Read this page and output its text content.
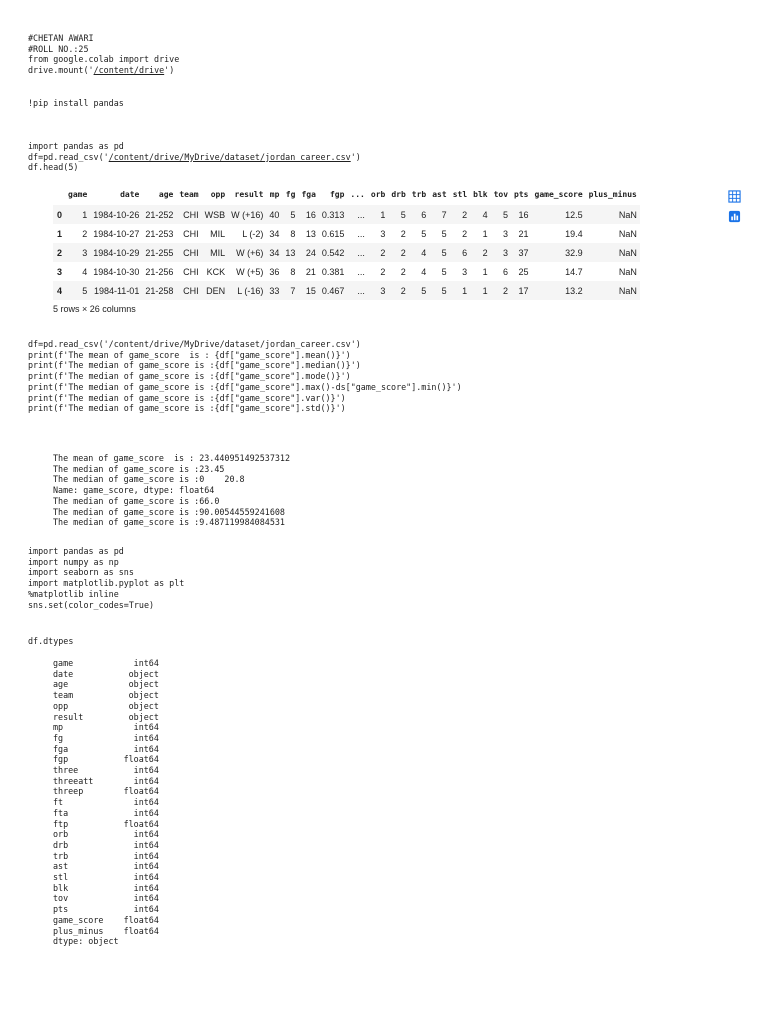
#CHETAN AWARI
#ROLL NO.:25
from google.colab import drive
drive.mount('/content/drive')
!pip install pandas
import pandas as pd
df=pd.read_csv('/content/drive/MyDrive/dataset/jordan_career.csv')
df.head(5)
	game	date	age	team	opp	result	mp	fg	fga	fgp	...	orb	drb	trb	ast	stl	blk	tov	pts	game_score	plus_minus
0	1	1984-10-26	21-252	CHI	WSB	W (+16)	40	5	16	0.313	...	1	5	6	7	2	4	5	16	12.5	NaN
1	2	1984-10-27	21-253	CHI	MIL	L (-2)	34	8	13	0.615	...	3	2	5	5	2	1	3	21	19.4	NaN
2	3	1984-10-29	21-255	CHI	MIL	W (+6)	34	13	24	0.542	...	2	2	4	5	6	2	3	37	32.9	NaN
3	4	1984-10-30	21-256	CHI	KCK	W (+5)	36	8	21	0.381	...	2	2	4	5	3	1	6	25	14.7	NaN
4	5	1984-11-01	21-258	CHI	DEN	L (-16)	33	7	15	0.467	...	3	2	5	5	1	1	2	17	13.2	NaN
5 rows × 26 columns
df=pd.read_csv('/content/drive/MyDrive/dataset/jordan_career.csv')
print(f'The mean of game_score  is : {df["game_score"].mean()}')
print(f'The median of game_score is :{df["game_score"].median()}')
print(f'The median of game_score is :{df["game_score"].mode()}')
print(f'The median of game_score is :{df["game_score"].max()-ds["game_score"].min()}')
print(f'The median of game_score is :{df["game_score"].var()}')
print(f'The median of game_score is :{df["game_score"].std()}')
The mean of game_score  is : 23.440951492537312
The median of game_score is :23.45
The median of game_score is :0    20.8
Name: game_score, dtype: float64
The median of game_score is :66.0
The median of game_score is :90.00544559241608
The median of game_score is :9.487119984084531
import pandas as pd
import numpy as np
import seaborn as sns
import matplotlib.pyplot as plt
%matplotlib inline
sns.set(color_codes=True)
df.dtypes
game            int64
date           object
age            object
team           object
opp            object
result         object
mp              int64
fg              int64
fga             int64
fgp           float64
three           int64
threeatt        int64
threep        float64
ft              int64
fta             int64
ftp           float64
orb             int64
drb             int64
trb             int64
ast             int64
stl             int64
blk             int64
tov             int64
pts             int64
game_score    float64
plus_minus    float64
dtype: object
